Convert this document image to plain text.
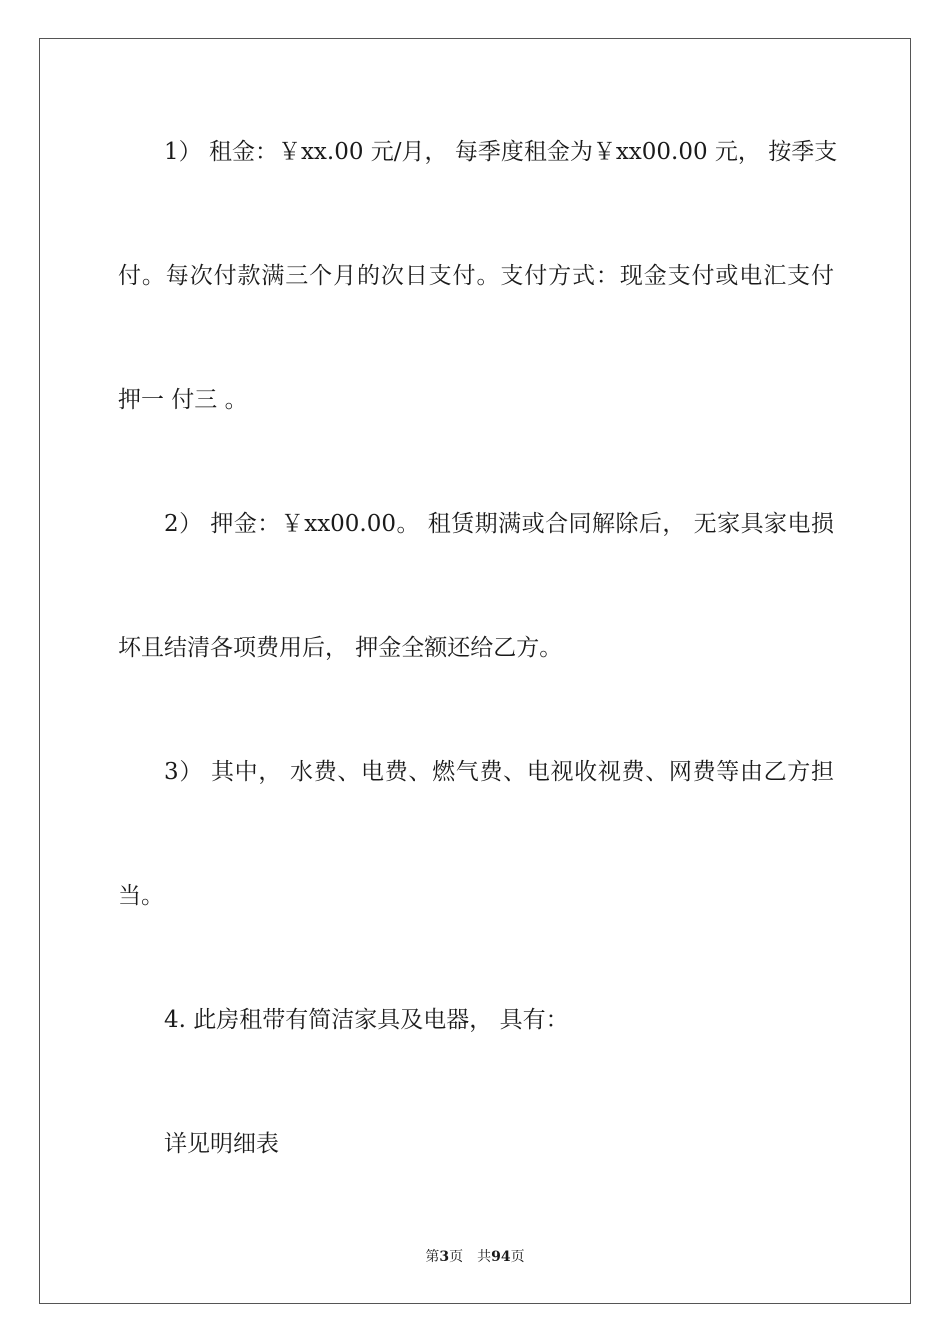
1） 租金：￥xx.00 元/月， 每季度租金为￥xx00.00 元， 按季支
付。每次付款满三个月的次日支付。支付方式：现金支付或电汇支付
押一 付三 。
2） 押金：￥xx00.00。 租赁期满或合同解除后， 无家具家电损
坏且结清各项费用后， 押金全额还给乙方。
3） 其中， 水费、电费、燃气费、电视收视费、网费等由乙方担
当。
4. 此房租带有简洁家具及电器， 具有：
详见明细表
第3页 共94页
